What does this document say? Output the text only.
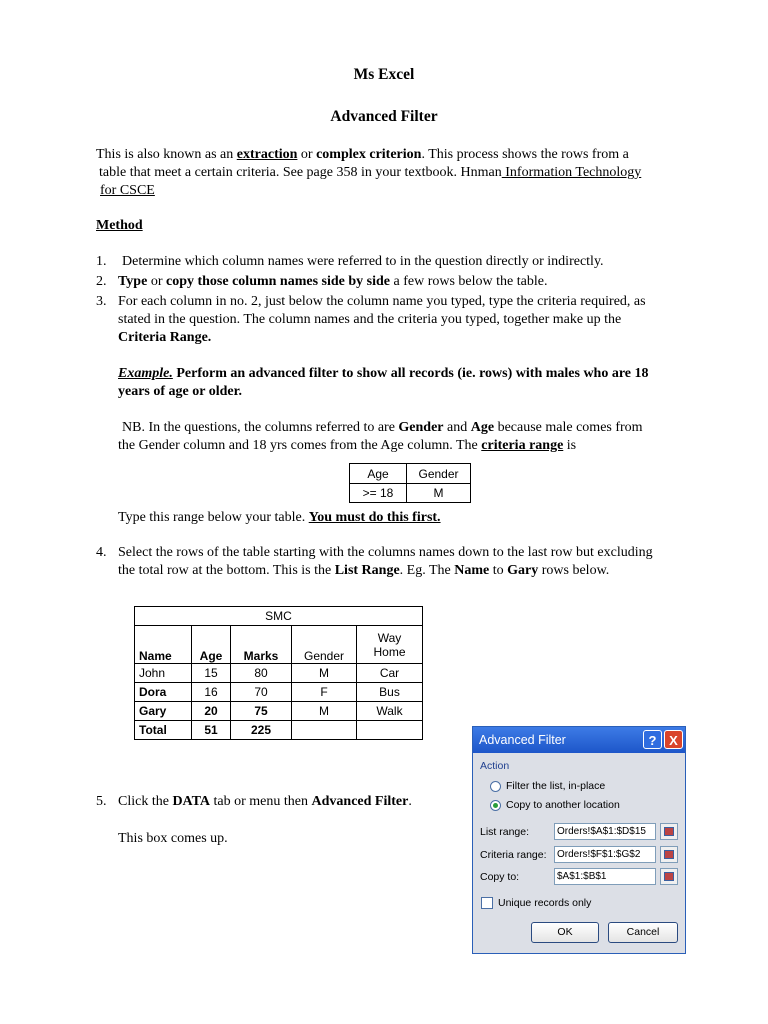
Ms Excel
Advanced Filter
This is also known as an extraction or complex criterion. This process shows the rows from a
table that meet a certain criteria. See page 358 in your textbook. Hnman Information Technology
for CSCE
Method
1. Determine which column names were referred to in the question directly or indirectly.
2. Type or copy those column names side by side a few rows below the table.
3. For each column in no. 2, just below the column name you typed, type the criteria required, as
stated in the question. The column names and the criteria you typed, together make up the
Criteria Range.
Example. Perform an advanced filter to show all records (ie. rows) with males who are 18
years of age or older.
NB. In the questions, the columns referred to are Gender and Age because male comes from
the Gender column and 18 yrs comes from the Age column. The criteria range is
Age	Gender
>= 18	M
Type this range below your table. You must do this first.
4. Select the rows of the table starting with the columns names down to the last row but excluding
the total row at the bottom. This is the List Range. Eg. The Name to Gary rows below.
SMC				
Name	Age	Marks	Gender	Way
Home

John	15	80	M	Car
Dora	16	70	F	Bus
Gary	20	75	M	Walk
Total	51	225		
5. Click the DATA tab or menu then Advanced Filter.
This box comes up.
Advanced Filter	? X
Action
Filter the list, in-place
Copy to another location
List range:	Orders!$A$1:$D$15
Criteria range:	Orders!$F$1:$G$2
Copy to:	$A$1:$B$1
Unique records only
OK	Cancel
